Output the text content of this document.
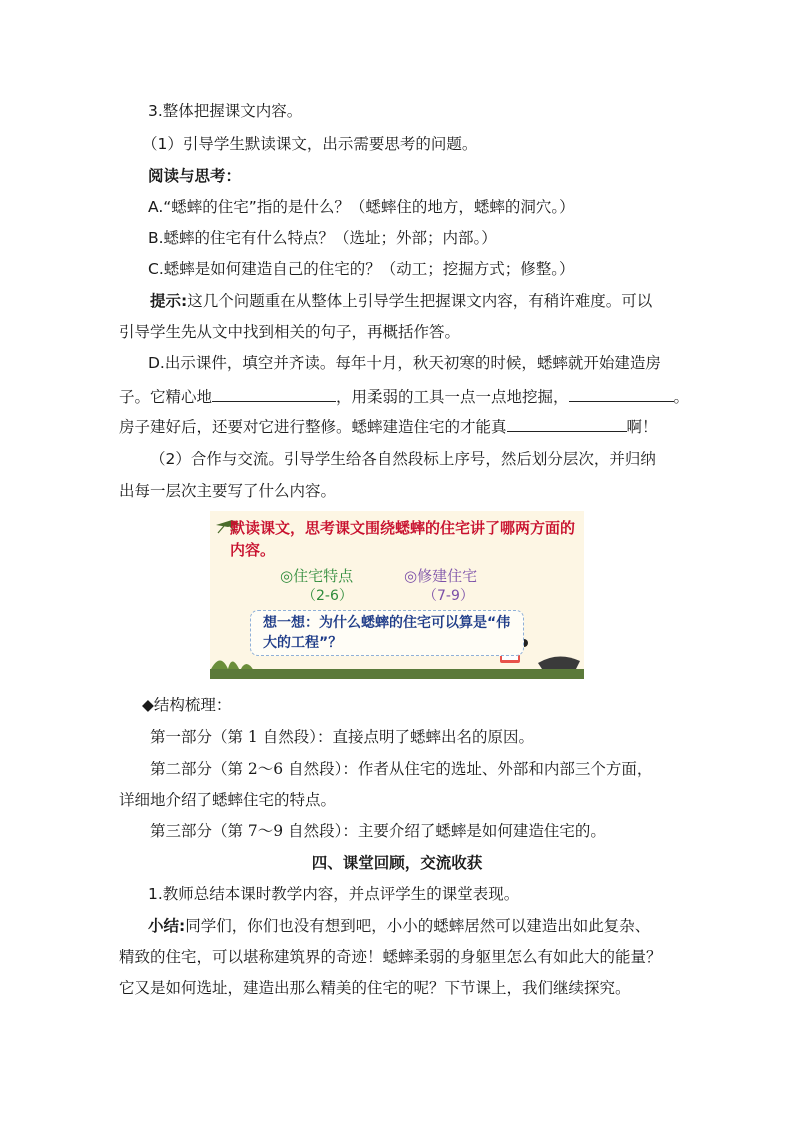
3.整体把握课文内容。
（1）引导学生默读课文，出示需要思考的问题。
阅读与思考：
A.“蟋蟀的住宅”指的是什么？（蟋蟀住的地方，蟋蟀的洞穴。）
B.蟋蟀的住宅有什么特点？（选址；外部；内部。）
C.蟋蟀是如何建造自己的住宅的？（动工；挖掘方式；修整。）
提示:这几个问题重在从整体上引导学生把握课文内容，有稍许难度。可以
引导学生先从文中找到相关的句子，再概括作答。
D.出示课件，填空并齐读。每年十月，秋天初寒的时候，蟋蟀就开始建造房
子。它精心地	，用柔弱的工具一点一点地挖掘，	。
房子建好后，还要对它进行整修。蟋蟀建造住宅的才能真	啊！
（2）合作与交流。引导学生给各自然段标上序号，然后划分层次，并归纳
出每一层次主要写了什么内容。
默读课文，思考课文围绕蟋蟀的住宅讲了哪两方面的内容。
◎住宅特点
（2-6）
◎修建住宅
（7-9）
想一想：为什么蟋蟀的住宅可以算是“伟大的工程”？
◆结构梳理：
第一部分（第 1 自然段）：直接点明了蟋蟀出名的原因。
第二部分（第 2～6 自然段）：作者从住宅的选址、外部和内部三个方面，
详细地介绍了蟋蟀住宅的特点。
第三部分（第 7～9 自然段）：主要介绍了蟋蟀是如何建造住宅的。
四、课堂回顾，交流收获
1.教师总结本课时教学内容，并点评学生的课堂表现。
小结:同学们，你们也没有想到吧，小小的蟋蟀居然可以建造出如此复杂、
精致的住宅，可以堪称建筑界的奇迹！蟋蟀柔弱的身躯里怎么有如此大的能量？
它又是如何选址，建造出那么精美的住宅的呢？下节课上，我们继续探究。
